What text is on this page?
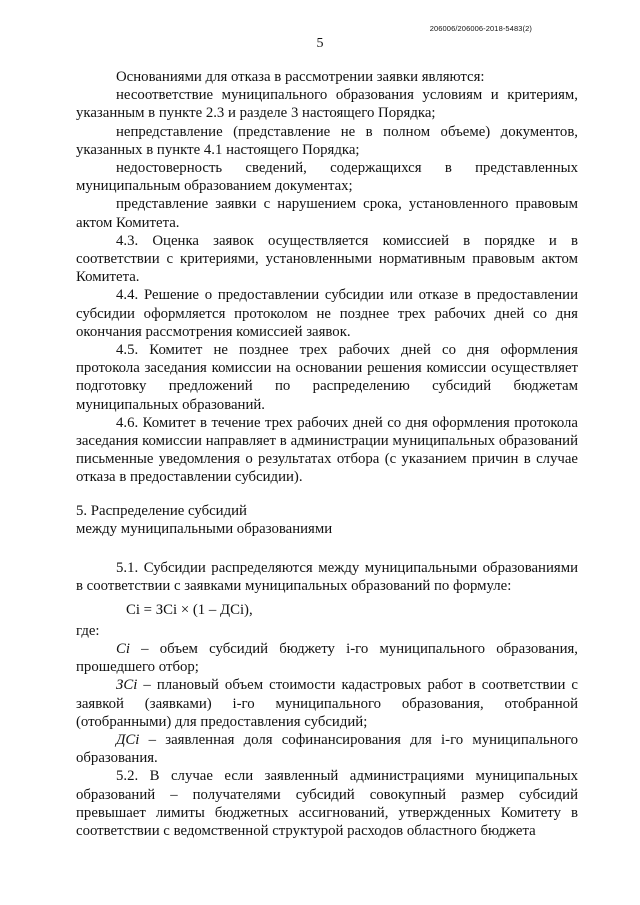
206006/206006-2018-5483(2)
5

Основаниями для отказа в рассмотрении заявки являются:

несоответствие муниципального образования условиям и критериям, указанным в пункте 2.3 и разделе 3 настоящего Порядка;

непредставление (представление не в полном объеме) документов, указанных в пункте 4.1 настоящего Порядка;

недостоверность сведений, содержащихся в представленных муниципальным образованием документах;

представление заявки с нарушением срока, установленного правовым актом Комитета.

4.3. Оценка заявок осуществляется комиссией в порядке и в соответствии с критериями, установленными нормативным правовым актом Комитета.

4.4. Решение о предоставлении субсидии или отказе в предоставлении субсидии оформляется протоколом не позднее трех рабочих дней со дня окончания рассмотрения комиссией заявок.

4.5. Комитет не позднее трех рабочих дней со дня оформления протокола заседания комиссии на основании решения комиссии осуществляет подготовку предложений по распределению субсидий бюджетам муниципальных образований.

4.6. Комитет в течение трех рабочих дней со дня оформления протокола заседания комиссии направляет в администрации муниципальных образований письменные уведомления о результатах отбора (с указанием причин в случае отказа в предоставлении субсидии).

5. Распределение субсидий

между муниципальными образованиями

5.1. Субсидии распределяются между муниципальными образованиями в соответствии с заявками муниципальных образований по формуле:

Ci = ЗCi × (1 – ДCi),

где:

Ci – объем субсидий бюджету i-го муниципального образования, прошедшего отбор;

ЗCi – плановый объем стоимости кадастровых работ в соответствии с заявкой (заявками) i-го муниципального образования, отобранной (отобранными) для предоставления субсидий;

ДCi – заявленная доля софинансирования для i-го муниципального образования.

5.2. В случае если заявленный администрациями муниципальных образований – получателями субсидий совокупный размер субсидий превышает лимиты бюджетных ассигнований, утвержденных Комитету в соответствии с ведомственной структурой расходов областного бюджета
